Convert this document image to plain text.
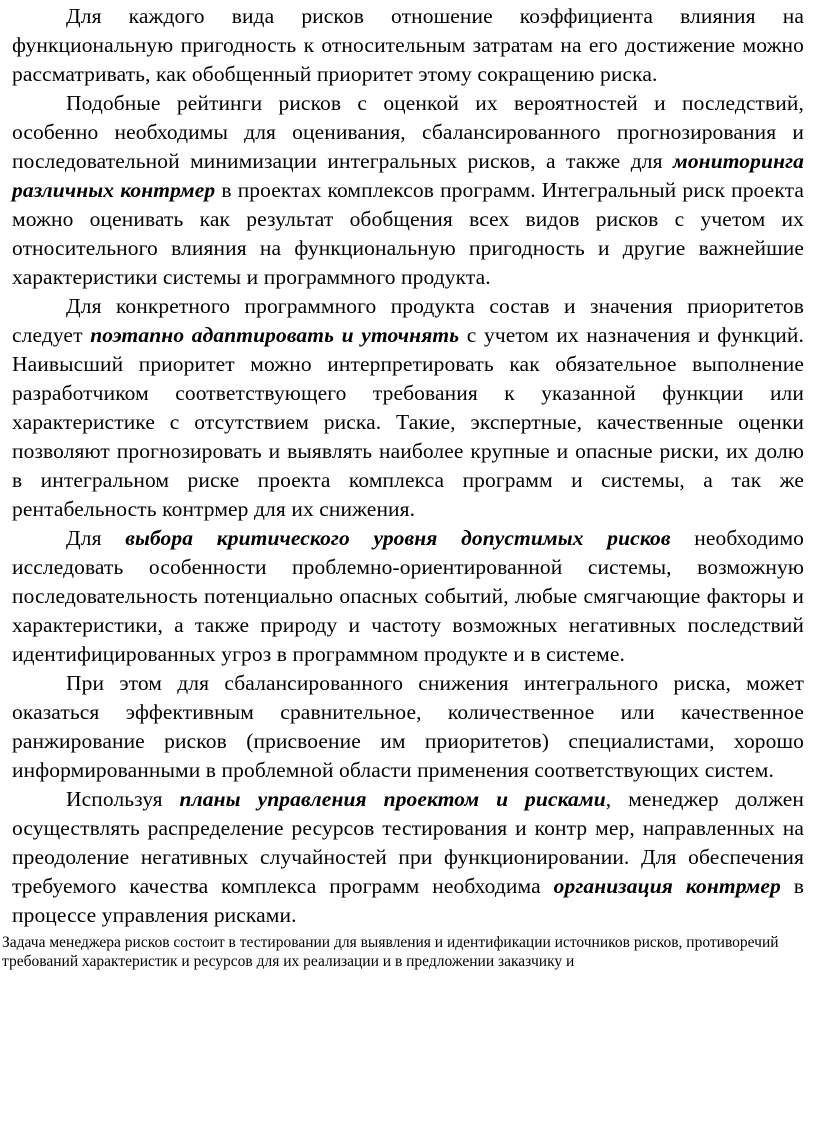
Для каждого вида рисков отношение коэффициента влияния на функциональную пригодность к относительным затратам на его достижение можно рассматривать, как обобщенный приоритет этому сокращению риска.

Подобные рейтинги рисков с оценкой их вероятностей и последствий, особенно необходимы для оценивания, сбалансированного прогнозирования и последовательной минимизации интегральных рисков, а также для мониторинга различных контрмер в проектах комплексов программ. Интегральный риск проекта можно оценивать как результат обобщения всех видов рисков с учетом их относительного влияния на функциональную пригодность и другие важнейшие характеристики системы и программного продукта.

Для конкретного программного продукта состав и значения приоритетов следует поэтапно адаптировать и уточнять с учетом их назначения и функций. Наивысший приоритет можно интерпретировать как обязательное выполнение разработчиком соответствующего требования к указанной функции или характеристике с отсутствием риска. Такие, экспертные, качественные оценки позволяют прогнозировать и выявлять наиболее крупные и опасные риски, их долю в интегральном риске проекта комплекса программ и системы, а так же рентабельность контрмер для их снижения.

Для выбора критического уровня допустимых рисков необходимо исследовать особенности проблемно-ориентированной системы, возможную последовательность потенциально опасных событий, любые смягчающие факторы и характеристики, а также природу и частоту возможных негативных последствий идентифицированных угроз в программном продукте и в системе.

При этом для сбалансированного снижения интегрального риска, может оказаться эффективным сравнительное, количественное или качественное ранжирование рисков (присвоение им приоритетов) специалистами, хорошо информированными в проблемной области применения соответствующих систем.

Используя планы управления проектом и рисками, менеджер должен осуществлять распределение ресурсов тестирования и контр мер, направленных на преодоление негативных случайностей при функционировании. Для обеспечения требуемого качества комплекса программ необходима организация контрмер в процессе управления рисками.

Задача менеджера рисков состоит в тестировании для выявления и идентификации источников рисков, противоречий требований характеристик и ресурсов для их реализации и в предложении заказчику и
